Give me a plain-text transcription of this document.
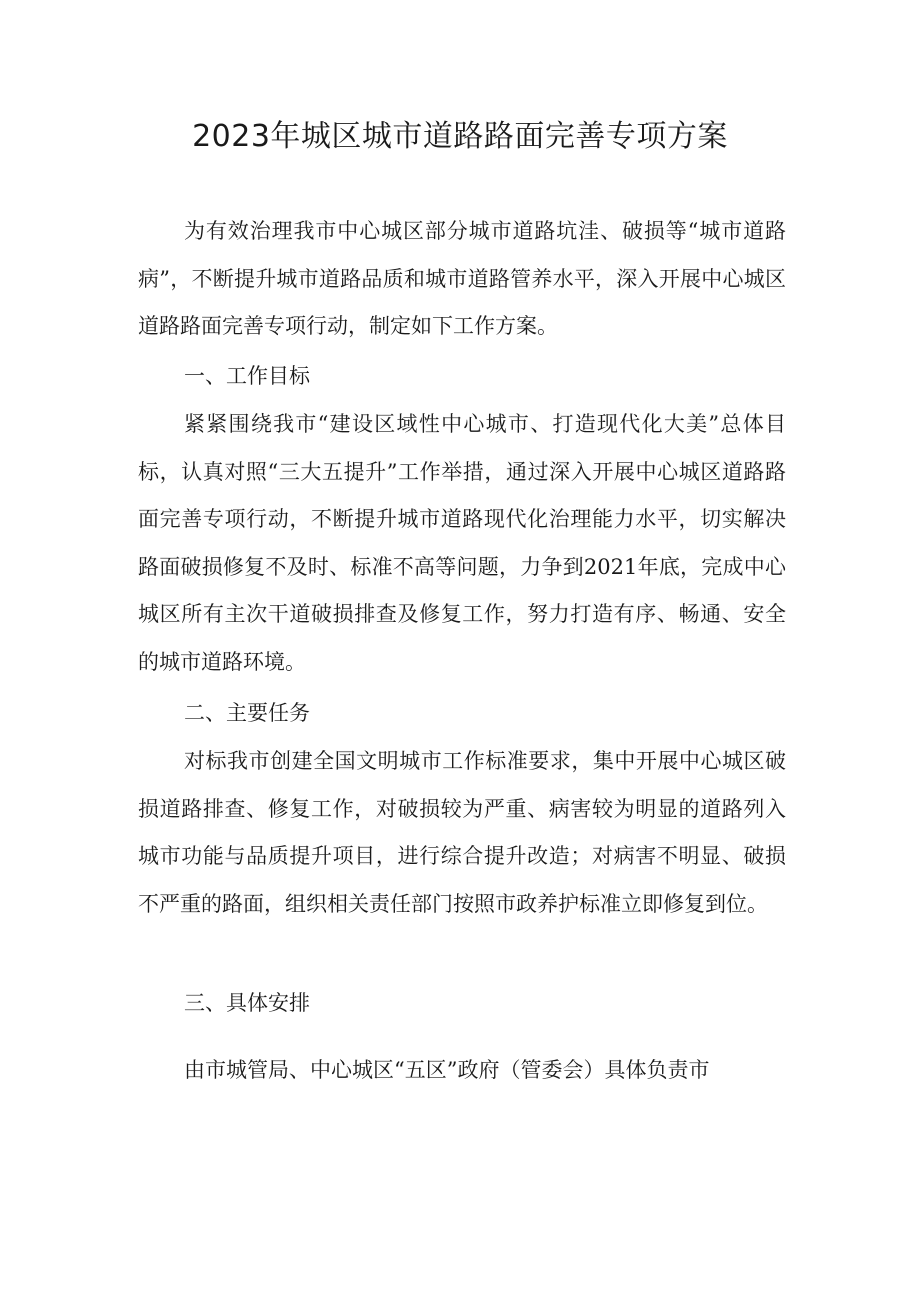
2023年城区城市道路路面完善专项方案

为有效治理我市中心城区部分城市道路坑洼、破损等“城市道路病”，不断提升城市道路品质和城市道路管养水平，深入开展中心城区道路路面完善专项行动，制定如下工作方案。

一、工作目标

紧紧围绕我市“建设区域性中心城市、打造现代化大美”总体目标，认真对照“三大五提升”工作举措，通过深入开展中心城区道路路面完善专项行动，不断提升城市道路现代化治理能力水平，切实解决路面破损修复不及时、标准不高等问题，力争到2021年底，完成中心城区所有主次干道破损排查及修复工作，努力打造有序、畅通、安全的城市道路环境。

二、主要任务

对标我市创建全国文明城市工作标准要求，集中开展中心城区破损道路排查、修复工作，对破损较为严重、病害较为明显的道路列入城市功能与品质提升项目，进行综合提升改造；对病害不明显、破损不严重的路面，组织相关责任部门按照市政养护标准立即修复到位。

三、具体安排

由市城管局、中心城区“五区”政府（管委会）具体负责市
